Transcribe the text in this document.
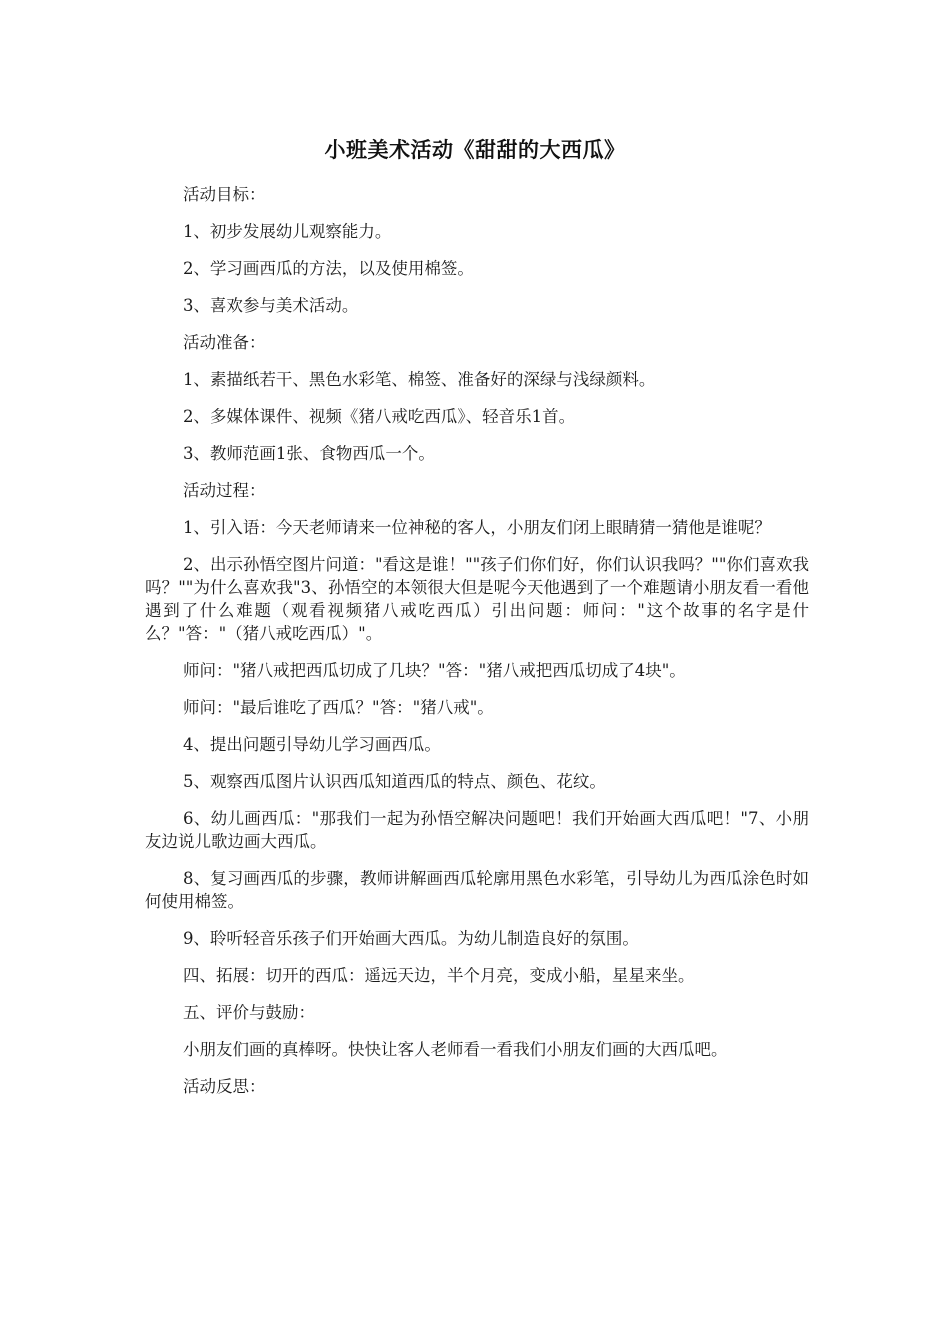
小班美术活动《甜甜的大西瓜》

活动目标：

1、初步发展幼儿观察能力。

2、学习画西瓜的方法，以及使用棉签。

3、喜欢参与美术活动。

活动准备：

1、素描纸若干、黑色水彩笔、棉签、准备好的深绿与浅绿颜料。

2、多媒体课件、视频《猪八戒吃西瓜》、轻音乐1首。

3、教师范画1张、食物西瓜一个。

活动过程：

1、引入语：今天老师请来一位神秘的客人，小朋友们闭上眼睛猜一猜他是谁呢？

2、出示孙悟空图片问道："看这是谁！""孩子们你们好，你们认识我吗？""你们喜欢我吗？""为什么喜欢我"3、孙悟空的本领很大但是呢今天他遇到了一个难题请小朋友看一看他遇到了什么难题（观看视频猪八戒吃西瓜）引出问题：师问："这个故事的名字是什么？"答："（猪八戒吃西瓜）"。

师问："猪八戒把西瓜切成了几块？"答："猪八戒把西瓜切成了4块"。

师问："最后谁吃了西瓜？"答："猪八戒"。

4、提出问题引导幼儿学习画西瓜。

5、观察西瓜图片认识西瓜知道西瓜的特点、颜色、花纹。

6、幼儿画西瓜："那我们一起为孙悟空解决问题吧！我们开始画大西瓜吧！"7、小朋友边说儿歌边画大西瓜。

8、复习画西瓜的步骤，教师讲解画西瓜轮廓用黑色水彩笔，引导幼儿为西瓜涂色时如何使用棉签。

9、聆听轻音乐孩子们开始画大西瓜。为幼儿制造良好的氛围。

四、拓展：切开的西瓜：遥远天边，半个月亮，变成小船，星星来坐。

五、评价与鼓励：

小朋友们画的真棒呀。快快让客人老师看一看我们小朋友们画的大西瓜吧。

活动反思：
